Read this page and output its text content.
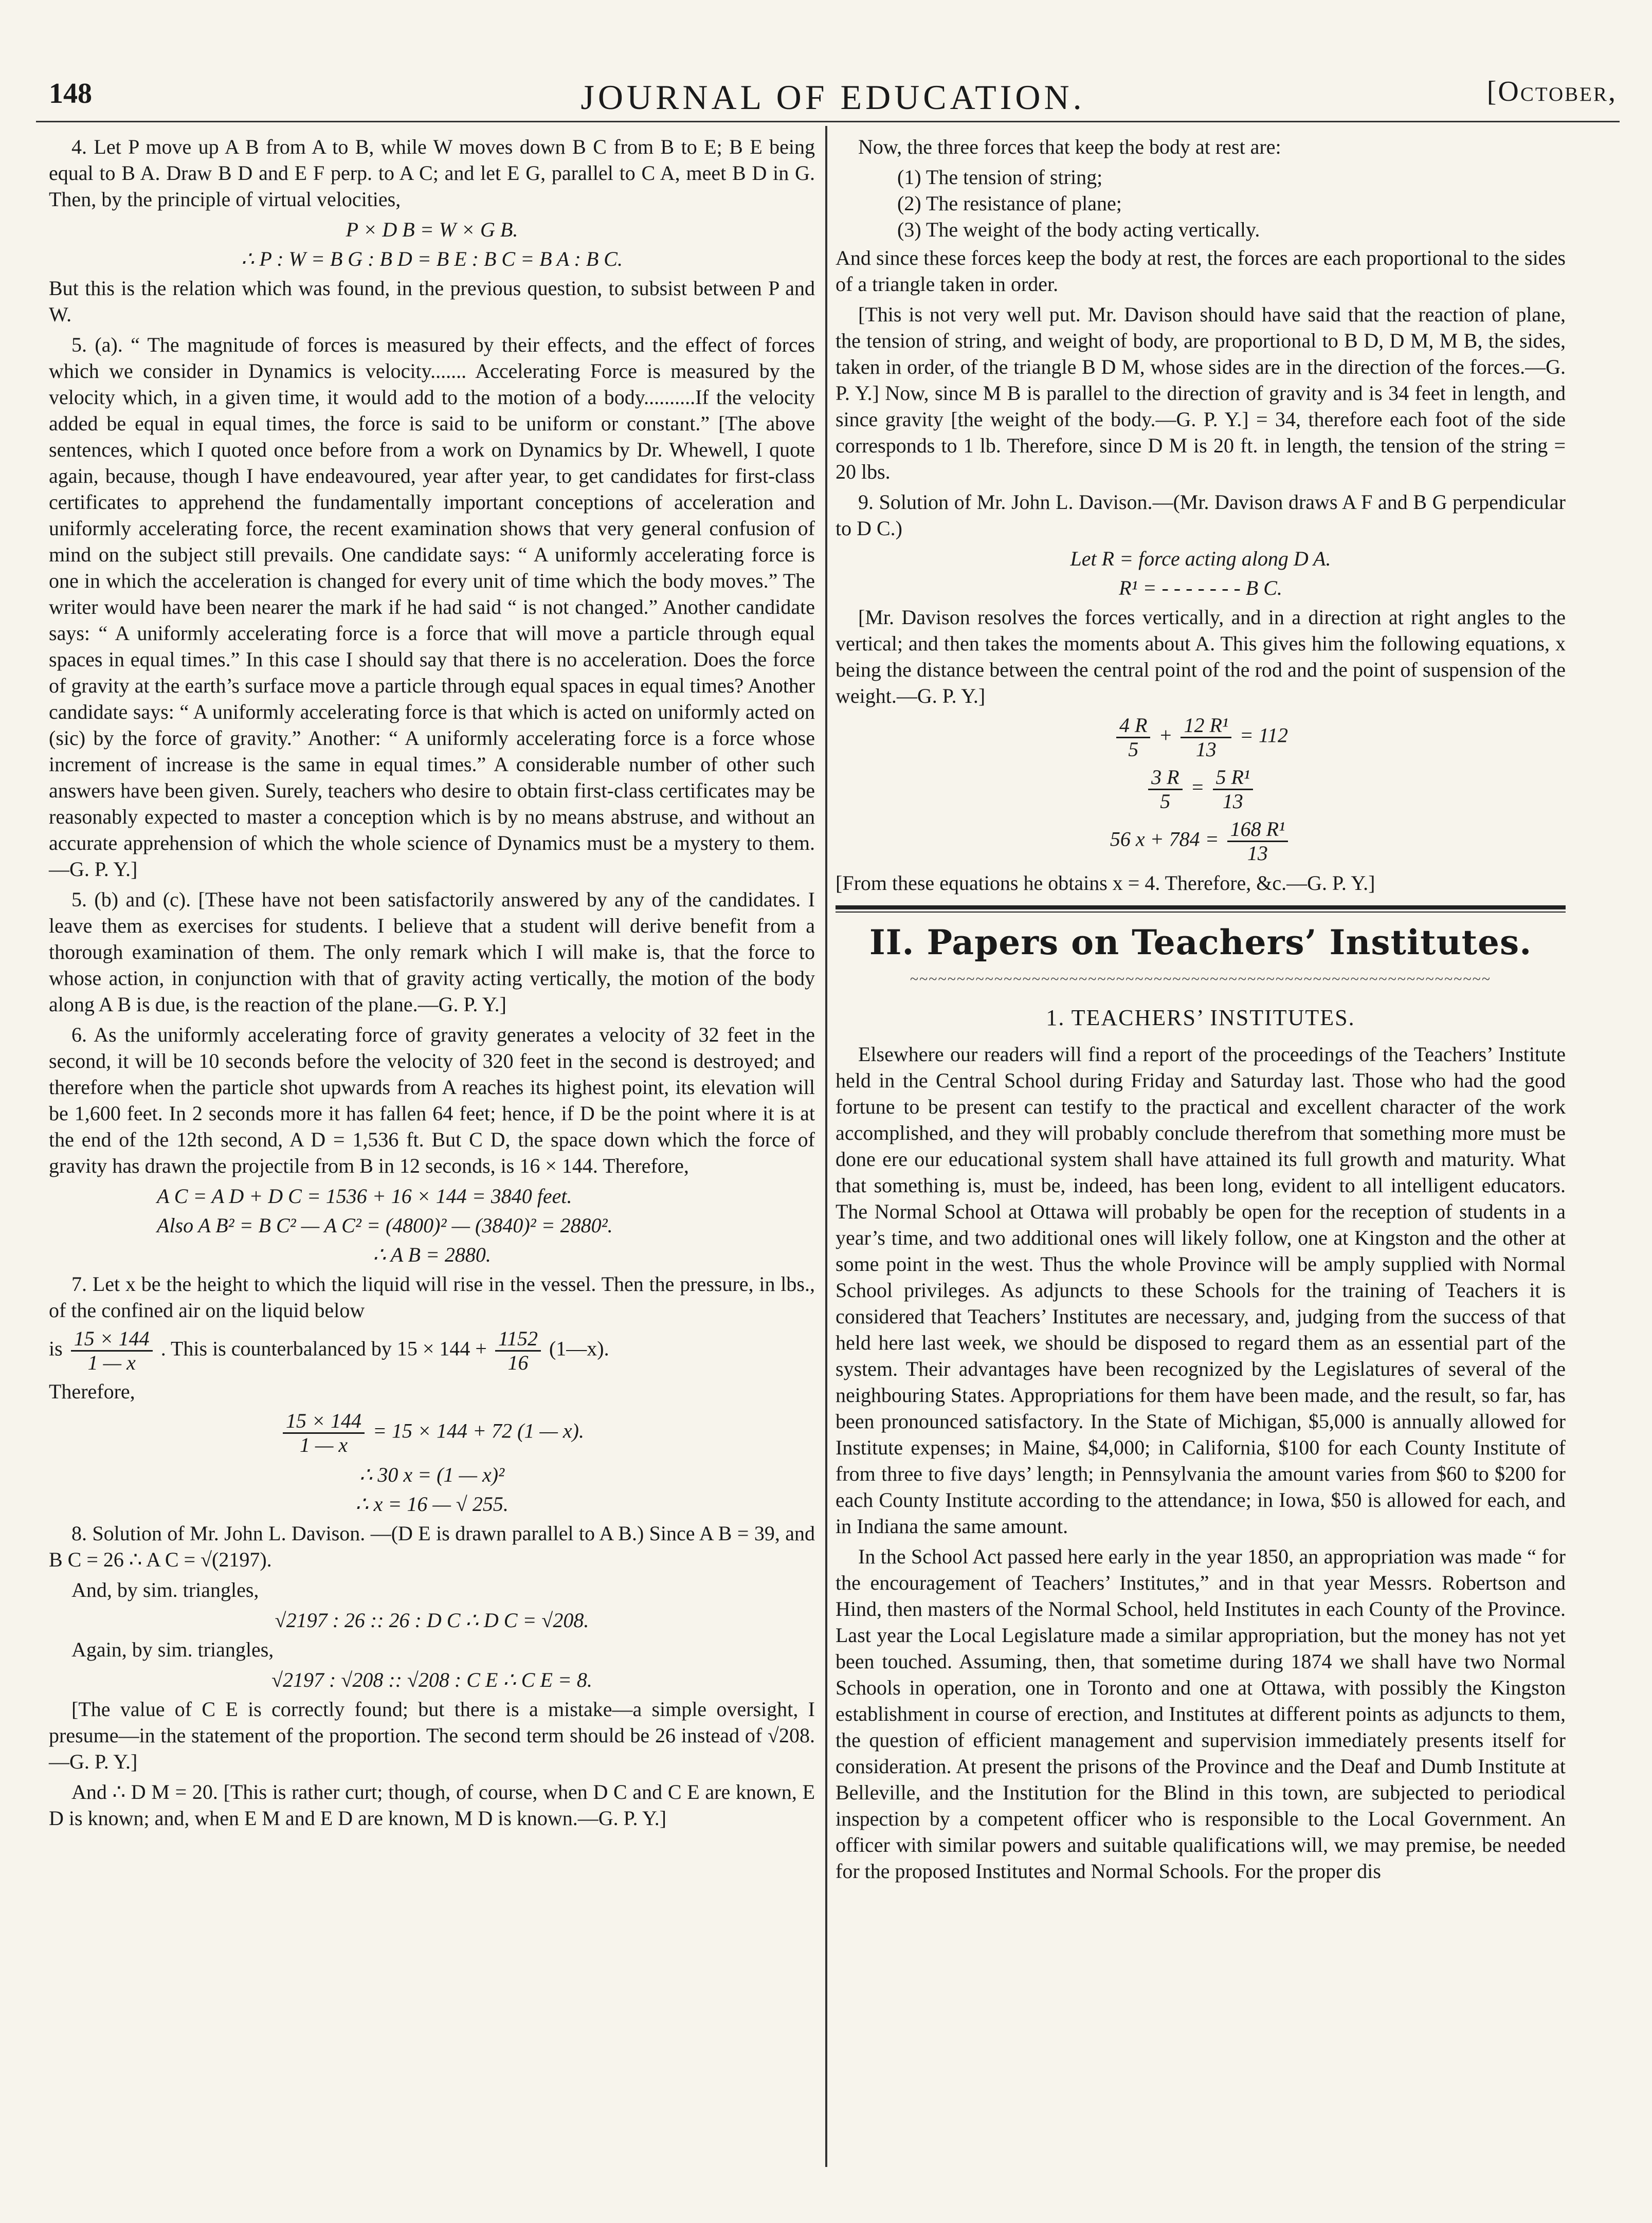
148	JOURNAL OF EDUCATION.	[October,

4. Let P move up A B from A to B, while W moves down B C from B to E; B E being equal to B A. Draw B D and E F perp. to A C; and let E G, parallel to C A, meet B D in G. Then, by the principle of virtual velocities,

P × D B = W × G B.
∴ P : W = B G : B D = B E : B C = B A : B C.

But this is the relation which was found, in the previous question, to subsist between P and W.

5. (a). “ The magnitude of forces is measured by their effects, and the effect of forces which we consider in Dynamics is velocity....... Accelerating Force is measured by the velocity which, in a given time, it would add to the motion of a body..........If the velocity added be equal in equal times, the force is said to be uniform or constant.” [The above sentences, which I quoted once before from a work on Dynamics by Dr. Whewell, I quote again, because, though I have endeavoured, year after year, to get candidates for first-class certificates to apprehend the fundamentally important conceptions of acceleration and uniformly accelerating force, the recent examination shows that very general confusion of mind on the subject still prevails. One candidate says: “ A uniformly accelerating force is one in which the acceleration is changed for every unit of time which the body moves.” The writer would have been nearer the mark if he had said “ is not changed.” Another candidate says: “ A uniformly accelerating force is a force that will move a particle through equal spaces in equal times.” In this case I should say that there is no acceleration. Does the force of gravity at the earth’s surface move a particle through equal spaces in equal times? Another candidate says: “ A uniformly accelerating force is that which is acted on uniformly acted on (sic) by the force of gravity.” Another: “ A uniformly accelerating force is a force whose increment of increase is the same in equal times.” A considerable number of other such answers have been given. Surely, teachers who desire to obtain first-class certificates may be reasonably expected to master a conception which is by no means abstruse, and without an accurate apprehension of which the whole science of Dynamics must be a mystery to them.—G. P. Y.]

5. (b) and (c). [These have not been satisfactorily answered by any of the candidates. I leave them as exercises for students. I believe that a student will derive benefit from a thorough examination of them. The only remark which I will make is, that the force to whose action, in conjunction with that of gravity acting vertically, the motion of the body along A B is due, is the reaction of the plane.—G. P. Y.]

6. As the uniformly accelerating force of gravity generates a velocity of 32 feet in the second, it will be 10 seconds before the velocity of 320 feet in the second is destroyed; and therefore when the particle shot upwards from A reaches its highest point, its elevation will be 1,600 feet. In 2 seconds more it has fallen 64 feet; hence, if D be the point where it is at the end of the 12th second, A D = 1,536 ft. But C D, the space down which the force of gravity has drawn the projectile from B in 12 seconds, is 16 × 144. Therefore,

A C = A D + D C = 1536 + 16 × 144 = 3840 feet.
Also A B² = B C² — A C² = (4800)² — (3840)² = 2880².
∴ A B = 2880.

7. Let x be the height to which the liquid will rise in the vessel. Then the pressure, in lbs., of the confined air on the liquid below

is $\frac{15 \times 144}{1 — x}$ . This is counterbalanced by $15 \times 144 + \frac{1152}{16}$ (1—x).

Therefore,

$\frac{15 \times 144}{1 — x} = 15 \times 144 + 72$ (1 — x).
∴ 30 x = (1 — x)²
∴ x = 16 — √ 255.

8. Solution of Mr. John L. Davison. —(D E is drawn parallel to A B.) Since A B = 39, and B C = 26 ∴ A C = √(2197).

And, by sim. triangles,

√2197 : 26 :: 26 : D C ∴ D C = √208.

Again, by sim. triangles,

√2197 : √208 :: √208 : C E ∴ C E = 8.

[The value of C E is correctly found; but there is a mistake—a simple oversight, I presume—in the statement of the proportion. The second term should be 26 instead of √208.—G. P. Y.]

And ∴ D M = 20. [This is rather curt; though, of course, when D C and C E are known, E D is known; and, when E M and E D are known, M D is known.—G. P. Y.]

Now, the three forces that keep the body at rest are:

(1) The tension of string;
(2) The resistance of plane;
(3) The weight of the body acting vertically.

And since these forces keep the body at rest, the forces are each proportional to the sides of a triangle taken in order.

[This is not very well put. Mr. Davison should have said that the reaction of plane, the tension of string, and weight of body, are proportional to B D, D M, M B, the sides, taken in order, of the triangle B D M, whose sides are in the direction of the forces.—G. P. Y.] Now, since M B is parallel to the direction of gravity and is 34 feet in length, and since gravity [the weight of the body.—G. P. Y.] = 34, therefore each foot of the side corresponds to 1 lb. Therefore, since D M is 20 ft. in length, the tension of the string = 20 lbs.

9. Solution of Mr. John L. Davison.—(Mr. Davison draws A F and B G perpendicular to D C.)

Let R = force acting along D A.
R¹ = - - - - - - - B C.

[Mr. Davison resolves the forces vertically, and in a direction at right angles to the vertical; and then takes the moments about A. This gives him the following equations, x being the distance between the central point of the rod and the point of suspension of the weight.—G. P. Y.]

$\frac{4 R}{5} + \frac{\text{12 R¹}}{13} = 112$
$\frac{3 R}{5} = \frac{\text{5 R¹}}{13}$
56 $x + 784 = \frac{\text{168 R¹}}{13}$

[From these equations he obtains x = 4. Therefore, &c.—G. P. Y.]

II. Papers on Teachers’ Institutes.
~~~~~~~~~~~~~~~~~~~~~~~~~~~~~~~~~~~~~~~~~~~~~~~~~~~~~~~~~~~~~~
1. TEACHERS’ INSTITUTES.

Elsewhere our readers will find a report of the proceedings of the Teachers’ Institute held in the Central School during Friday and Saturday last. Those who had the good fortune to be present can testify to the practical and excellent character of the work accomplished, and they will probably conclude therefrom that something more must be done ere our educational system shall have attained its full growth and maturity. What that something is, must be, indeed, has been long, evident to all intelligent educators. The Normal School at Ottawa will probably be open for the reception of students in a year’s time, and two additional ones will likely follow, one at Kingston and the other at some point in the west. Thus the whole Province will be amply supplied with Normal School privileges. As adjuncts to these Schools for the training of Teachers it is considered that Teachers’ Institutes are necessary, and, judging from the success of that held here last week, we should be disposed to regard them as an essential part of the system. Their advantages have been recognized by the Legislatures of several of the neighbouring States. Appropriations for them have been made, and the result, so far, has been pronounced satisfactory. In the State of Michigan, $5,000 is annually allowed for Institute expenses; in Maine, $4,000; in California, $100 for each County Institute of from three to five days’ length; in Pennsylvania the amount varies from $60 to $200 for each County Institute according to the attendance; in Iowa, $50 is allowed for each, and in Indiana the same amount.

In the School Act passed here early in the year 1850, an appropriation was made “ for the encouragement of Teachers’ Institutes,” and in that year Messrs. Robertson and Hind, then masters of the Normal School, held Institutes in each County of the Province. Last year the Local Legislature made a similar appropriation, but the money has not yet been touched. Assuming, then, that sometime during 1874 we shall have two Normal Schools in operation, one in Toronto and one at Ottawa, with possibly the Kingston establishment in course of erection, and Institutes at different points as adjuncts to them, the question of efficient management and supervision immediately presents itself for consideration. At present the prisons of the Province and the Deaf and Dumb Institute at Belleville, and the Institution for the Blind in this town, are subjected to periodical inspection by a competent officer who is responsible to the Local Government. An officer with similar powers and suitable qualifications will, we may premise, be needed for the proposed Institutes and Normal Schools. For the proper dis
